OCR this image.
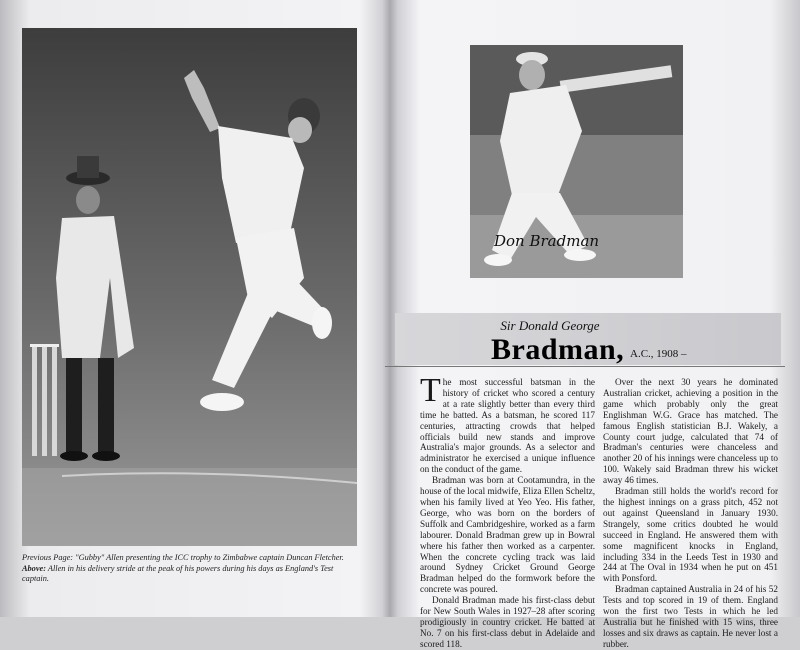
Previous Page: "Gubby" Allen presenting the ICC trophy to Zimbabwe captain Duncan Fletcher. Above: Allen in his delivery stride at the peak of his powers during his days as England's Test captain.
Don Bradman
Sir Donald George
Bradman, A.C., 1908 –

The most successful batsman in the history of cricket who scored a century at a rate slightly better than every third time he batted. As a batsman, he scored 117 centuries, attracting crowds that helped officials build new stands and improve Australia's major grounds. As a selector and administrator he exercised a unique influence on the conduct of the game.

Bradman was born at Cootamundra, in the house of the local midwife, Eliza Ellen Scheltz, when his family lived at Yeo Yeo. His father, George, who was born on the borders of Suffolk and Cambridgeshire, worked as a farm labourer. Donald Bradman grew up in Bowral where his father then worked as a carpenter. When the concrete cycling track was laid around Sydney Cricket Ground George Bradman helped do the formwork before the concrete was poured.

Donald Bradman made his first-class debut for New South Wales in 1927–28 after scoring prodigiously in country cricket. He batted at No. 7 on his first-class debut in Adelaide and scored 118.

Over the next 30 years he dominated Australian cricket, achieving a position in the game which probably only the great Englishman W.G. Grace has matched. The famous English statistician B.J. Wakely, a County court judge, calculated that 74 of Bradman's centuries were chanceless and another 20 of his innings were chanceless up to 100. Wakely said Bradman threw his wicket away 46 times.

Bradman still holds the world's record for the highest innings on a grass pitch, 452 not out against Queensland in January 1930. Strangely, some critics doubted he would succeed in England. He answered them with some magnificent knocks in England, including 334 in the Leeds Test in 1930 and 244 at The Oval in 1934 when he put on 451 with Ponsford.

Bradman captained Australia in 24 of his 52 Tests and top scored in 19 of them. England won the first two Tests in which he led Australia but he finished with 15 wins, three losses and six draws as captain. He never lost a rubber.
